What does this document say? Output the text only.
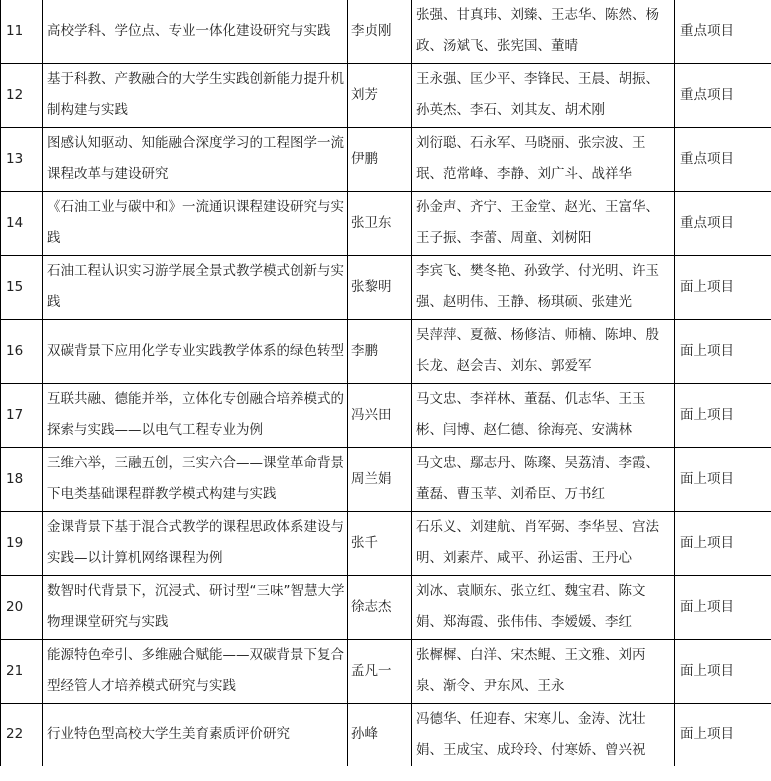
11	高校学科、学位点、专业一体化建设研究与实践	李贞刚	张强、甘真玮、刘臻、王志华、陈然、杨政、汤斌飞、张宪国、董晴	重点项目
12	基于科教、产教融合的大学生实践创新能力提升机制构建与实践	刘芳	王永强、匡少平、李锋民、王晨、胡振、孙英杰、李石、刘其友、胡术刚	重点项目
13	图感认知驱动、知能融合深度学习的工程图学一流课程改革与建设研究	伊鹏	刘衍聪、石永军、马晓丽、张宗波、王珉、范常峰、李静、刘广斗、战祥华	重点项目
14	《石油工业与碳中和》一流通识课程建设研究与实践	张卫东	孙金声、齐宁、王金堂、赵光、王富华、王子振、李蕾、周童、刘树阳	重点项目
15	石油工程认识实习游学展全景式教学模式创新与实践	张黎明	李宾飞、樊冬艳、孙致学、付光明、许玉强、赵明伟、王静、杨琪硕、张建光	面上项目
16	双碳背景下应用化学专业实践教学体系的绿色转型	李鹏	吴萍萍、夏薇、杨修洁、师楠、陈坤、殷长龙、赵会吉、刘东、郭爱军	面上项目
17	互联共融、德能并举，立体化专创融合培养模式的探索与实践——以电气工程专业为例	冯兴田	马文忠、李祥林、董磊、仉志华、王玉彬、闫博、赵仁德、徐海亮、安满林	面上项目
18	三维六举，三融五创，三实六合——课堂革命背景下电类基础课程群教学模式构建与实践	周兰娟	马文忠、鄢志丹、陈璨、吴荔清、李霞、董磊、曹玉苹、刘希臣、万书红	面上项目
19	金课背景下基于混合式教学的课程思政体系建设与实践—以计算机网络课程为例	张千	石乐义、刘建航、肖军弼、李华昱、宫法明、刘素芹、咸平、孙运雷、王丹心	面上项目
20	数智时代背景下，沉浸式、研讨型“三味”智慧大学物理课堂研究与实践	徐志杰	刘冰、袁顺东、张立红、魏宝君、陈文娟、郑海霞、张伟伟、李嫒媛、李红	面上项目
21	能源特色牵引、多维融合赋能——双碳背景下复合型经管人才培养模式研究与实践	孟凡一	张樨樨、白洋、宋杰鲲、王文雅、刘丙泉、渐令、尹东风、王永	面上项目
22	行业特色型高校大学生美育素质评价研究	孙峰	冯德华、任迎春、宋寒儿、金涛、沈壮娟、王成宝、成玲玲、付寒娇、曾兴祝	面上项目
